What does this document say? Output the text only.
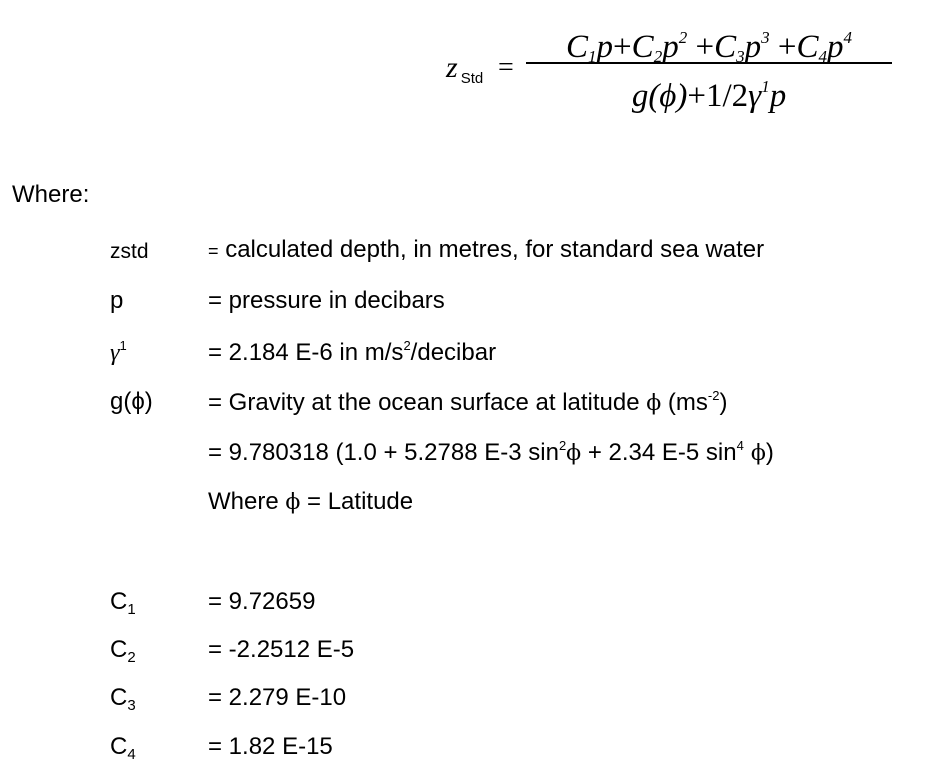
z $_{Std}$ =
$C_1p+C_2p^2 +C_3p^3 +C_4p^4$
$g(\phi)+1/2\gamma^1p$
Where:
zstd	= calculated depth, in metres, for standard sea water
p	= pressure in decibars
$\gamma^1$	= 2.184 E-6 in $m/s^2$/decibar
g(ϕ) = Gravity at the ocean surface at latitude ϕ $(ms^{-2})$
= 9.780318 (1.0 + 5.2788 E-3 $\sin^2\phi + 2.34$ E-5 $\sin^4 \phi$)
Where ϕ = Latitude
$C_1$	= 9.72659
$C_2$	= -2.2512 E-5
$C_3$	= 2.279 E-10
$C_4$	= 1.82 E-15
